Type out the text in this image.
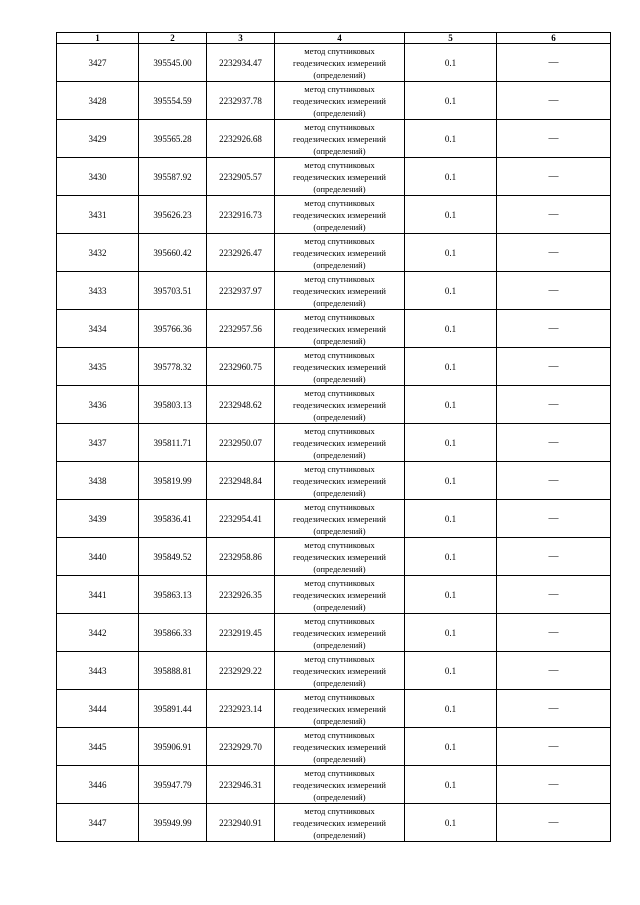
1	2	3	4	5	6
3427	395545.00	2232934.47	метод спутниковых
геодезических измерений
(определений)	0.1	—
3428	395554.59	2232937.78	метод спутниковых
геодезических измерений
(определений)	0.1	—
3429	395565.28	2232926.68	метод спутниковых
геодезических измерений
(определений)	0.1	—
3430	395587.92	2232905.57	метод спутниковых
геодезических измерений
(определений)	0.1	—
3431	395626.23	2232916.73	метод спутниковых
геодезических измерений
(определений)	0.1	—
3432	395660.42	2232926.47	метод спутниковых
геодезических измерений
(определений)	0.1	—
3433	395703.51	2232937.97	метод спутниковых
геодезических измерений
(определений)	0.1	—
3434	395766.36	2232957.56	метод спутниковых
геодезических измерений
(определений)	0.1	—
3435	395778.32	2232960.75	метод спутниковых
геодезических измерений
(определений)	0.1	—
3436	395803.13	2232948.62	метод спутниковых
геодезических измерений
(определений)	0.1	—
3437	395811.71	2232950.07	метод спутниковых
геодезических измерений
(определений)	0.1	—
3438	395819.99	2232948.84	метод спутниковых
геодезических измерений
(определений)	0.1	—
3439	395836.41	2232954.41	метод спутниковых
геодезических измерений
(определений)	0.1	—
3440	395849.52	2232958.86	метод спутниковых
геодезических измерений
(определений)	0.1	—
3441	395863.13	2232926.35	метод спутниковых
геодезических измерений
(определений)	0.1	—
3442	395866.33	2232919.45	метод спутниковых
геодезических измерений
(определений)	0.1	—
3443	395888.81	2232929.22	метод спутниковых
геодезических измерений
(определений)	0.1	—
3444	395891.44	2232923.14	метод спутниковых
геодезических измерений
(определений)	0.1	—
3445	395906.91	2232929.70	метод спутниковых
геодезических измерений
(определений)	0.1	—
3446	395947.79	2232946.31	метод спутниковых
геодезических измерений
(определений)	0.1	—
3447	395949.99	2232940.91	метод спутниковых
геодезических измерений
(определений)	0.1	—
